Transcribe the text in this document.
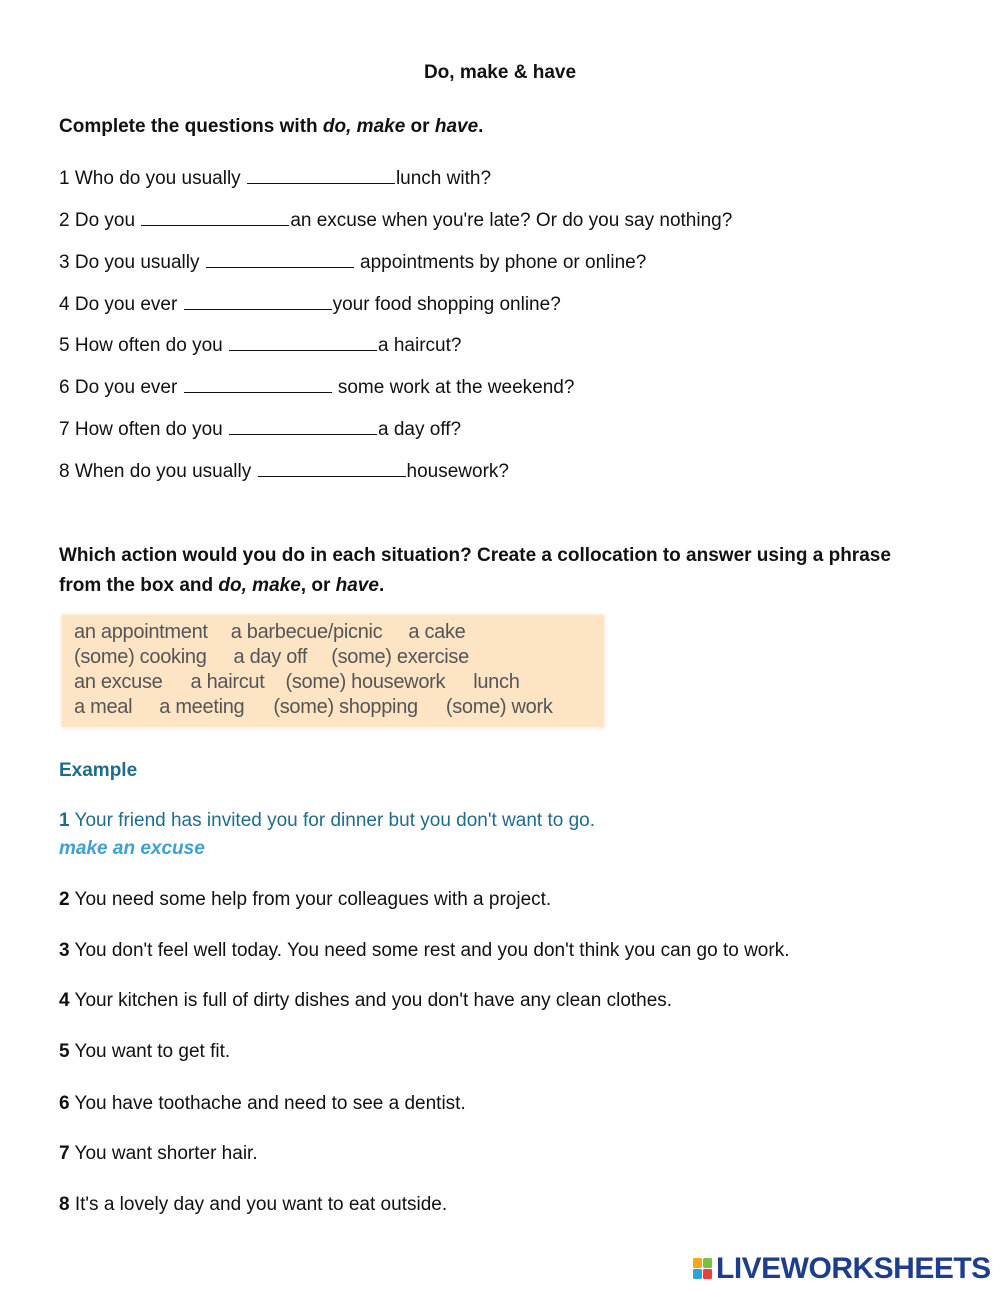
Do, make & have
Complete the questions with do, make or have.
1 Who do you usually	lunch with?
2 Do you	an excuse when you're late? Or do you say nothing?
3 Do you usually	appointments by phone or online?
4 Do you ever	your food shopping online?
5 How often do you	a haircut?
6 Do you ever	some work at the weekend?
7 How often do you	a day off?
8 When do you usually	housework?
Which action would you do in each situation? Create a collocation to answer using a phrase
from the box and do, make, or have.
an appointment a barbecue/picnic a cake
(some) cooking a day off (some) exercise
an excuse a haircut (some) housework lunch
a meal a meeting (some) shopping (some) work
Example
1 Your friend has invited you for dinner but you don't want to go.
make an excuse
2 You need some help from your colleagues with a project.
3 You don't feel well today. You need some rest and you don't think you can go to work.
4 Your kitchen is full of dirty dishes and you don't have any clean clothes.
5 You want to get fit.
6 You have toothache and need to see a dentist.
7 You want shorter hair.
8 It's a lovely day and you want to eat outside.
LIVEWORKSHEETS
